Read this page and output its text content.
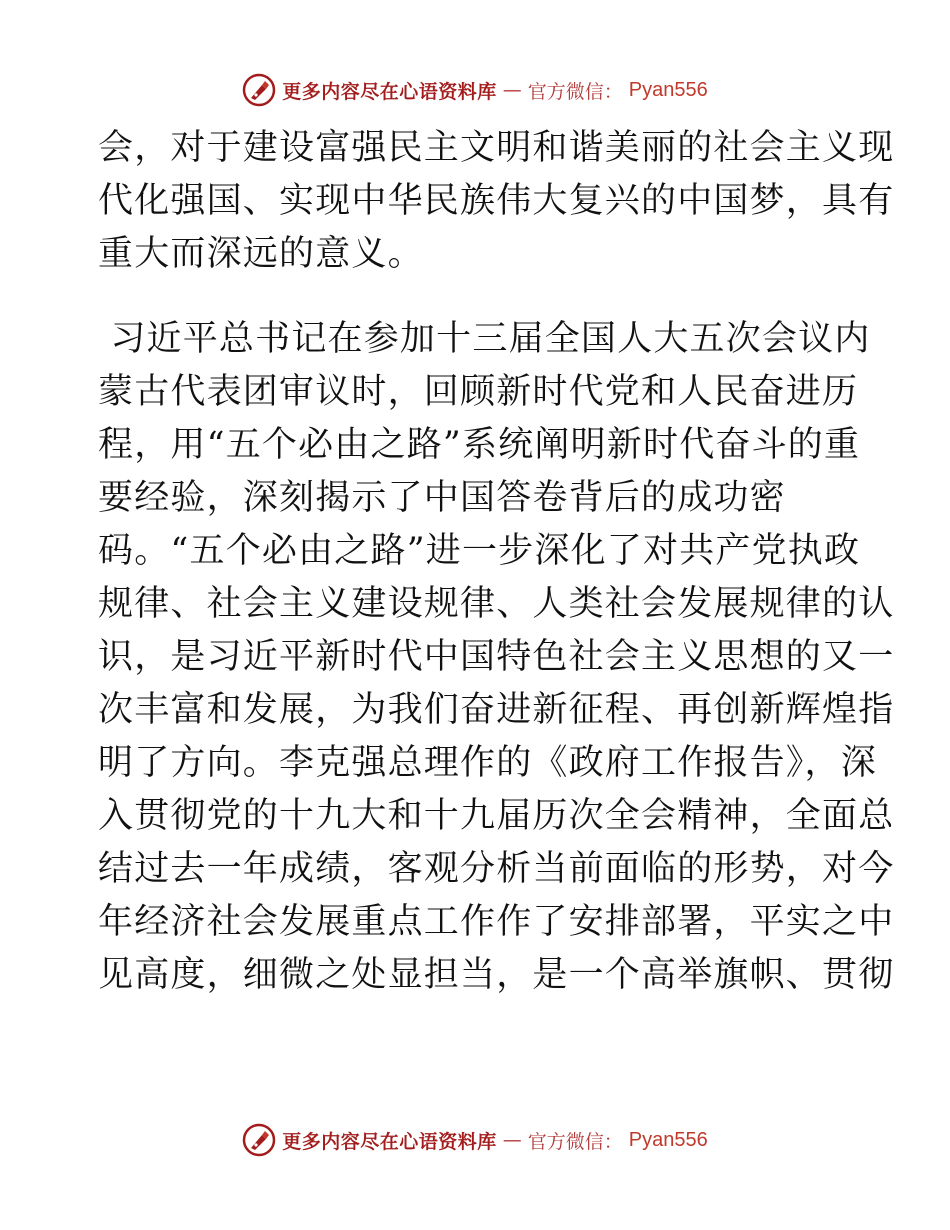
更多内容尽在心语资料库 — 官方微信： Pyan556
会，对于建设富强民主文明和谐美丽的社会主义现
代化强国、实现中华民族伟大复兴的中国梦，具有
重大而深远的意义。
习近平总书记在参加十三届全国人大五次会议内
蒙古代表团审议时，回顾新时代党和人民奋进历
程，用“五个必由之路”系统阐明新时代奋斗的重
要经验，深刻揭示了中国答卷背后的成功密
码。“五个必由之路”进一步深化了对共产党执政
规律、社会主义建设规律、人类社会发展规律的认
识，是习近平新时代中国特色社会主义思想的又一
次丰富和发展，为我们奋进新征程、再创新辉煌指
明了方向。李克强总理作的《政府工作报告》，深
入贯彻党的十九大和十九届历次全会精神，全面总
结过去一年成绩，客观分析当前面临的形势，对今
年经济社会发展重点工作作了安排部署，平实之中
见高度，细微之处显担当，是一个高举旗帜、贯彻
更多内容尽在心语资料库 — 官方微信： Pyan556
